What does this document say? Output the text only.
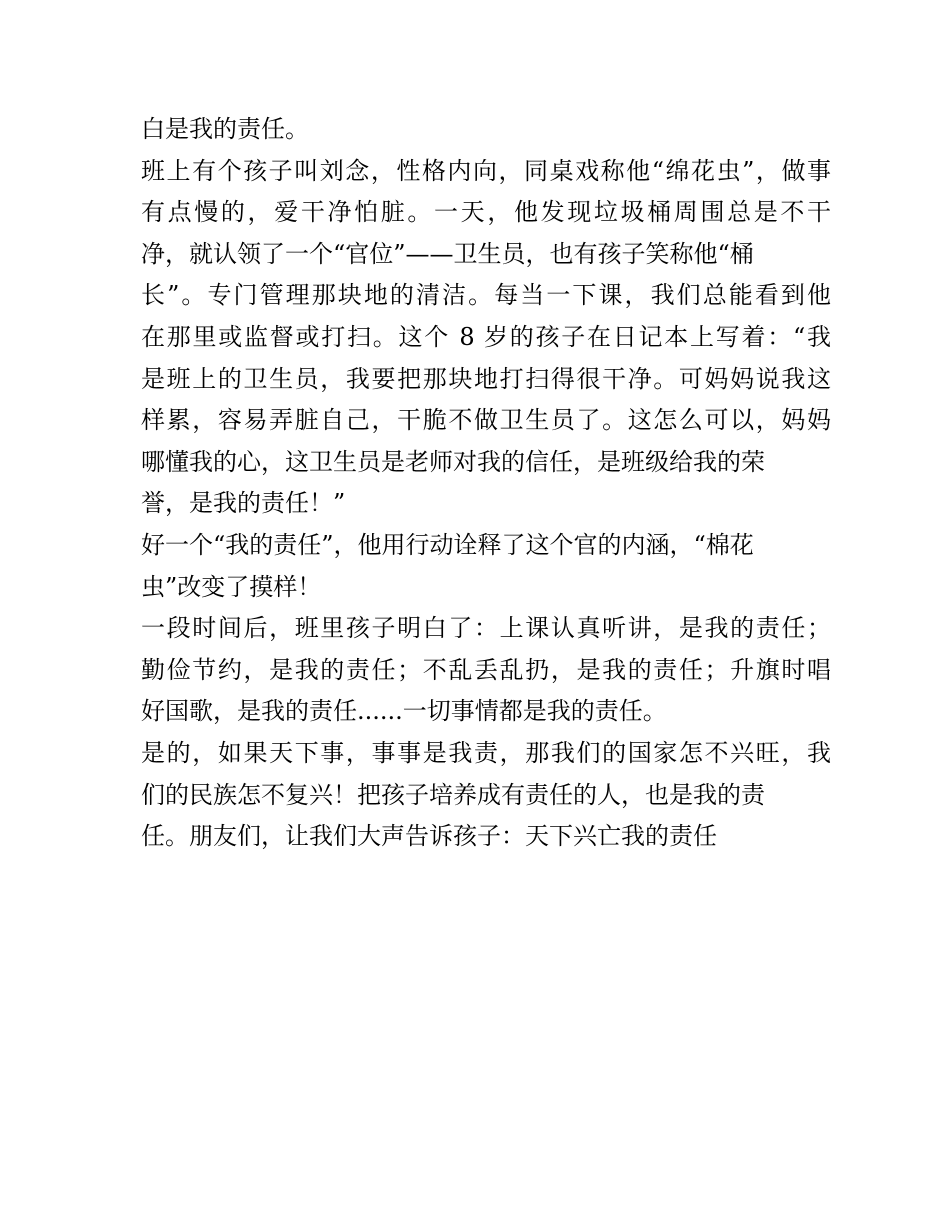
白是我的责任。
班上有个孩子叫刘念，性格内向，同桌戏称他“绵花虫”，做事
有点慢的，爱干净怕脏。一天，他发现垃圾桶周围总是不干
净，就认领了一个“官位”——卫生员，也有孩子笑称他“桶
长”。专门管理那块地的清洁。每当一下课，我们总能看到他
在那里或监督或打扫。这个 8 岁的孩子在日记本上写着：“我
是班上的卫生员，我要把那块地打扫得很干净。可妈妈说我这
样累，容易弄脏自己，干脆不做卫生员了。这怎么可以，妈妈
哪懂我的心，这卫生员是老师对我的信任，是班级给我的荣
誉，是我的责任！”
好一个“我的责任”，他用行动诠释了这个官的内涵，“棉花
虫”改变了摸样！
一段时间后，班里孩子明白了：上课认真听讲，是我的责任；
勤俭节约，是我的责任；不乱丢乱扔，是我的责任；升旗时唱
好国歌，是我的责任......一切事情都是我的责任。
是的，如果天下事，事事是我责，那我们的国家怎不兴旺，我
们的民族怎不复兴！把孩子培养成有责任的人，也是我的责
任。朋友们，让我们大声告诉孩子：天下兴亡我的责任
